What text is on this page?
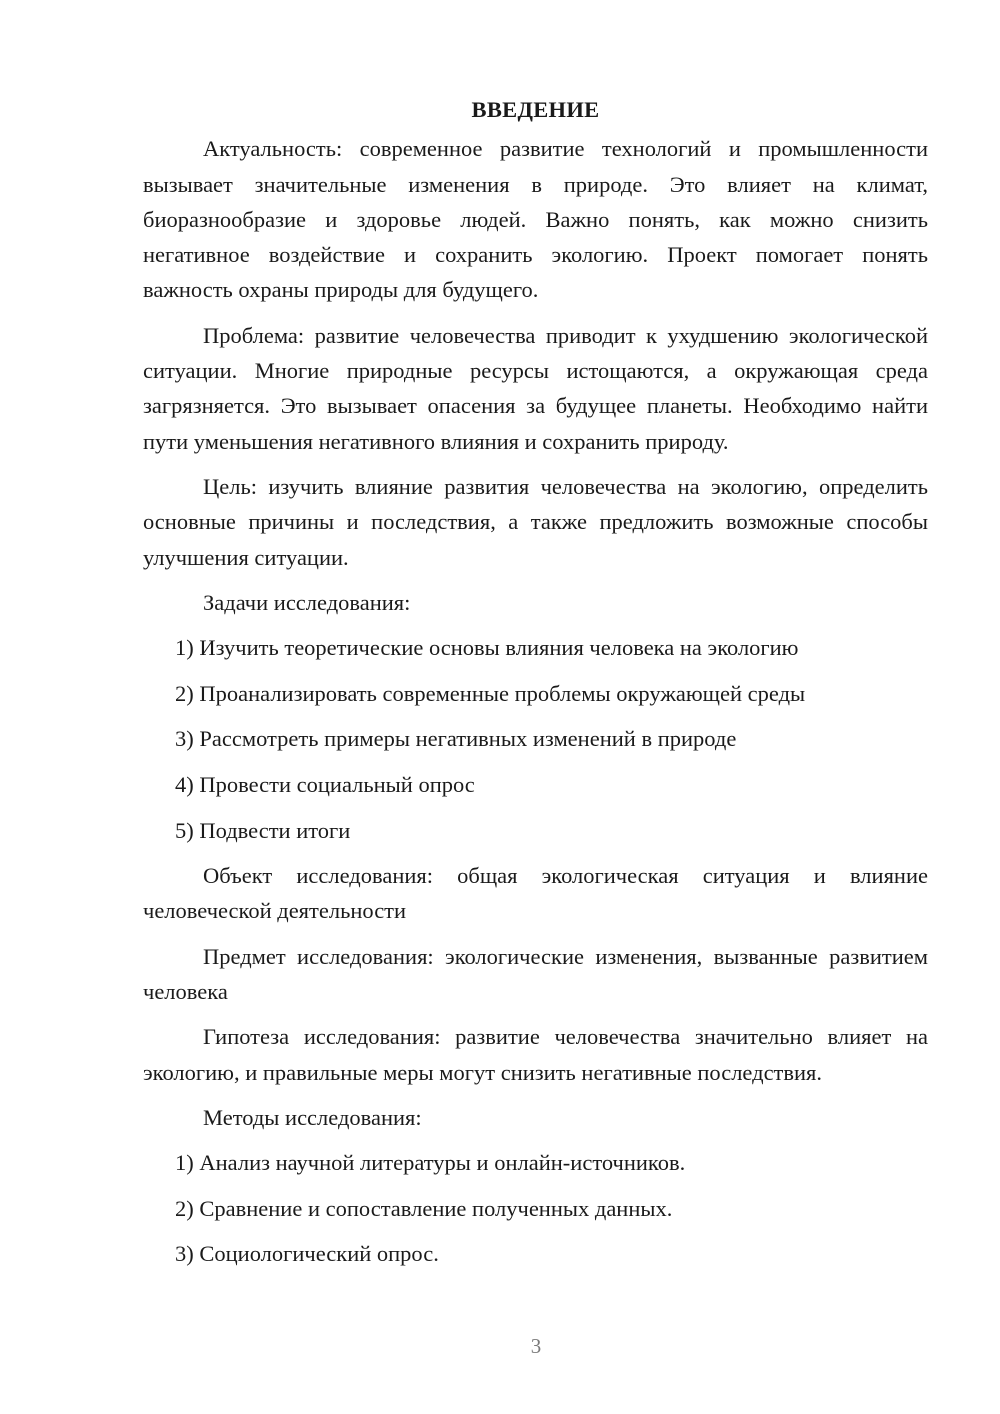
ВВЕДЕНИЕ

Актуальность: современное развитие технологий и промышленности вызывает значительные изменения в природе. Это влияет на климат, биоразнообразие и здоровье людей. Важно понять, как можно снизить негативное воздействие и сохранить экологию. Проект помогает понять важность охраны природы для будущего.

Проблема: развитие человечества приводит к ухудшению экологической ситуации. Многие природные ресурсы истощаются, а окружающая среда загрязняется. Это вызывает опасения за будущее планеты. Необходимо найти пути уменьшения негативного влияния и сохранить природу.

Цель: изучить влияние развития человечества на экологию, определить основные причины и последствия, а также предложить возможные способы улучшения ситуации.

Задачи исследования:

1) Изучить теоретические основы влияния человека на экологию
2) Проанализировать современные проблемы окружающей среды
3) Рассмотреть примеры негативных изменений в природе
4) Провести социальный опрос
5) Подвести итоги

Объект исследования: общая экологическая ситуация и влияние человеческой деятельности

Предмет исследования: экологические изменения, вызванные развитием человека

Гипотеза исследования: развитие человечества значительно влияет на экологию, и правильные меры могут снизить негативные последствия.

Методы исследования:

1) Анализ научной литературы и онлайн-источников.
2) Сравнение и сопоставление полученных данных.
3) Социологический опрос.
3
